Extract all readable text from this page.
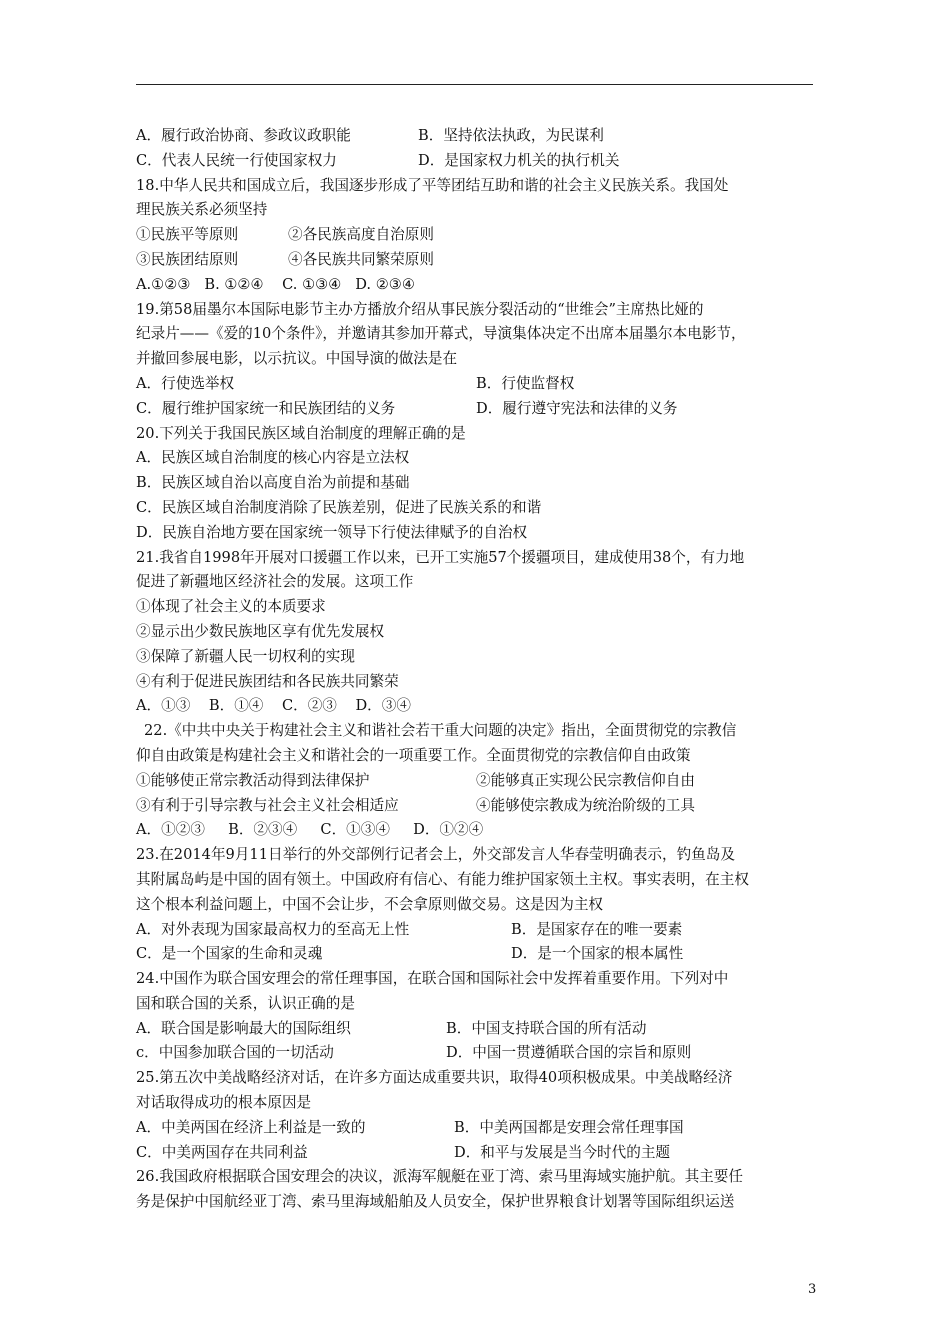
A．履行政治协商、参政议政职能	B．坚持依法执政，为民谋利
C．代表人民统一行使国家权力	D．是国家权力机关的执行机关
18.中华人民共和国成立后，我国逐步形成了平等团结互助和谐的社会主义民族关系。我国处
理民族关系必须坚持
①民族平等原则	②各民族高度自治原则
③民族团结原则	④各民族共同繁荣原则
A.①②③   B. ①②④    C. ①③④   D. ②③④
19.第58届墨尔本国际电影节主办方播放介绍从事民族分裂活动的“世维会”主席热比娅的
纪录片——《爱的10个条件》，并邀请其参加开幕式，导演集体决定不出席本届墨尔本电影节，
并撤回参展电影，以示抗议。中国导演的做法是在
A．行使选举权	B．行使监督权
C．履行维护国家统一和民族团结的义务	D．履行遵守宪法和法律的义务
20.下列关于我国民族区域自治制度的理解正确的是
A．民族区域自治制度的核心内容是立法权
B．民族区域自治以高度自治为前提和基础
C．民族区域自治制度消除了民族差别，促进了民族关系的和谐
D．民族自治地方要在国家统一领导下行使法律赋予的自治权
21.我省自1998年开展对口援疆工作以来，已开工实施57个援疆项目，建成使用38个，有力地
促进了新疆地区经济社会的发展。这项工作
①体现了社会主义的本质要求
②显示出少数民族地区享有优先发展权
③保障了新疆人民一切权利的实现
④有利于促进民族团结和各民族共同繁荣
A．①③    B．①④    C．②③    D．③④
22.《中共中央关于构建社会主义和谐社会若干重大问题的决定》指出，全面贯彻党的宗教信
仰自由政策是构建社会主义和谐社会的一项重要工作。全面贯彻党的宗教信仰自由政策
①能够使正常宗教活动得到法律保护	②能够真正实现公民宗教信仰自由
③有利于引导宗教与社会主义社会相适应	④能够使宗教成为统治阶级的工具
A．①②③     B．②③④     C．①③④     D．①②④
23.在2014年9月11日举行的外交部例行记者会上，外交部发言人华春莹明确表示，钓鱼岛及
其附属岛屿是中国的固有领土。中国政府有信心、有能力维护国家领土主权。事实表明，在主权
这个根本利益问题上，中国不会让步，不会拿原则做交易。这是因为主权
A．对外表现为国家最高权力的至高无上性	B．是国家存在的唯一要素
C．是一个国家的生命和灵魂	D．是一个国家的根本属性
24.中国作为联合国安理会的常任理事国，在联合国和国际社会中发挥着重要作用。下列对中
国和联合国的关系，认识正确的是
A．联合国是影响最大的国际组织	B．中国支持联合国的所有活动
c．中国参加联合国的一切活动	D．中国一贯遵循联合国的宗旨和原则
25.第五次中美战略经济对话，在许多方面达成重要共识，取得40项积极成果。中美战略经济
对话取得成功的根本原因是
A．中美两国在经济上利益是一致的	B．中美两国都是安理会常任理事国
C．中美两国存在共同利益	D．和平与发展是当今时代的主题
26.我国政府根据联合国安理会的决议，派海军舰艇在亚丁湾、索马里海域实施护航。其主要任
务是保护中国航经亚丁湾、索马里海域船舶及人员安全，保护世界粮食计划署等国际组织运送
3
